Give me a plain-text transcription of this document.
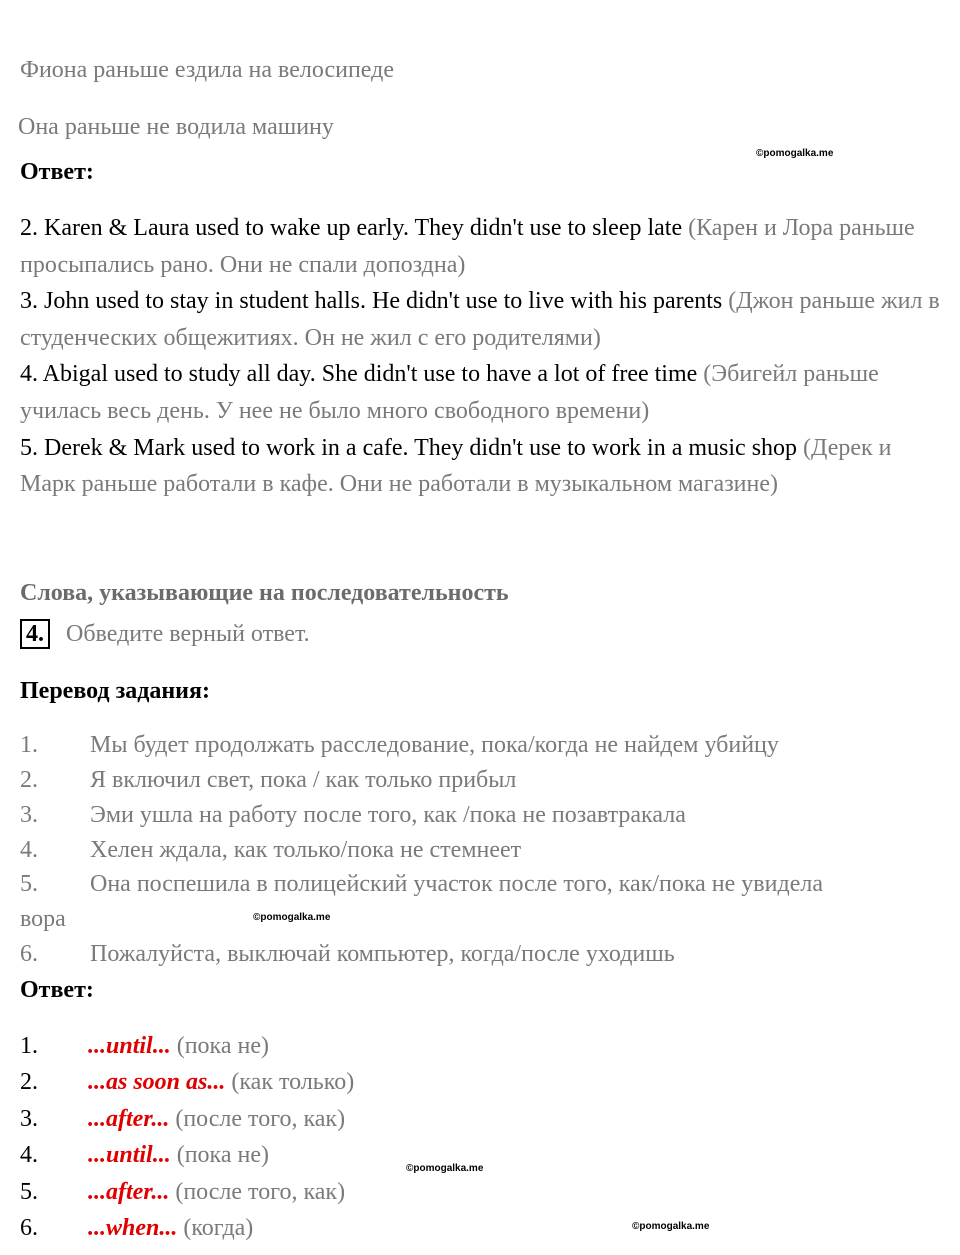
Фиона раньше ездила на велосипеде
Она раньше не водила машину
©pomogalka.me
Ответ:

2. Karen & Laura used to wake up early. They didn't use to sleep late (Карен и Лора раньше просыпались рано. Они не спали допоздна)

3. John used to stay in student halls. He didn't use to live with his parents (Джон раньше жил в студенческих общежитиях. Он не жил с его родителями)

4. Abigal used to study all day. She didn't use to have a lot of free time (Эбигейл раньше училась весь день. У нее не было много свободного времени)

5. Derek & Mark used to work in a cafe. They didn't use to work in a music shop (Дерек и Марк раньше работали в кафе. Они не работали в музыкальном магазине)

Слова, указывающие на последовательность
4. Обведите верный ответ.
Перевод задания:
1. Мы будет продолжать расследование, пока/когда не найдем убийцу
2. Я включил свет, пока / как только прибыл
3. Эми ушла на работу после того, как /пока не позавтракала
4. Хелен ждала, как только/пока не стемнеет
5. Она поспешила в полицейский участок после того, как/пока не увидела
вора	©pomogalka.me
6. Пожалуйста, выключай компьютер, когда/после уходишь
Ответ:
1. ...until... (пока не)
2. ...as soon as... (как только)
3. ...after... (после того, как)
4. ...until... (пока не)
©pomogalka.me
5. ...after... (после того, как)
6. ...when... (когда)	©pomogalka.me
